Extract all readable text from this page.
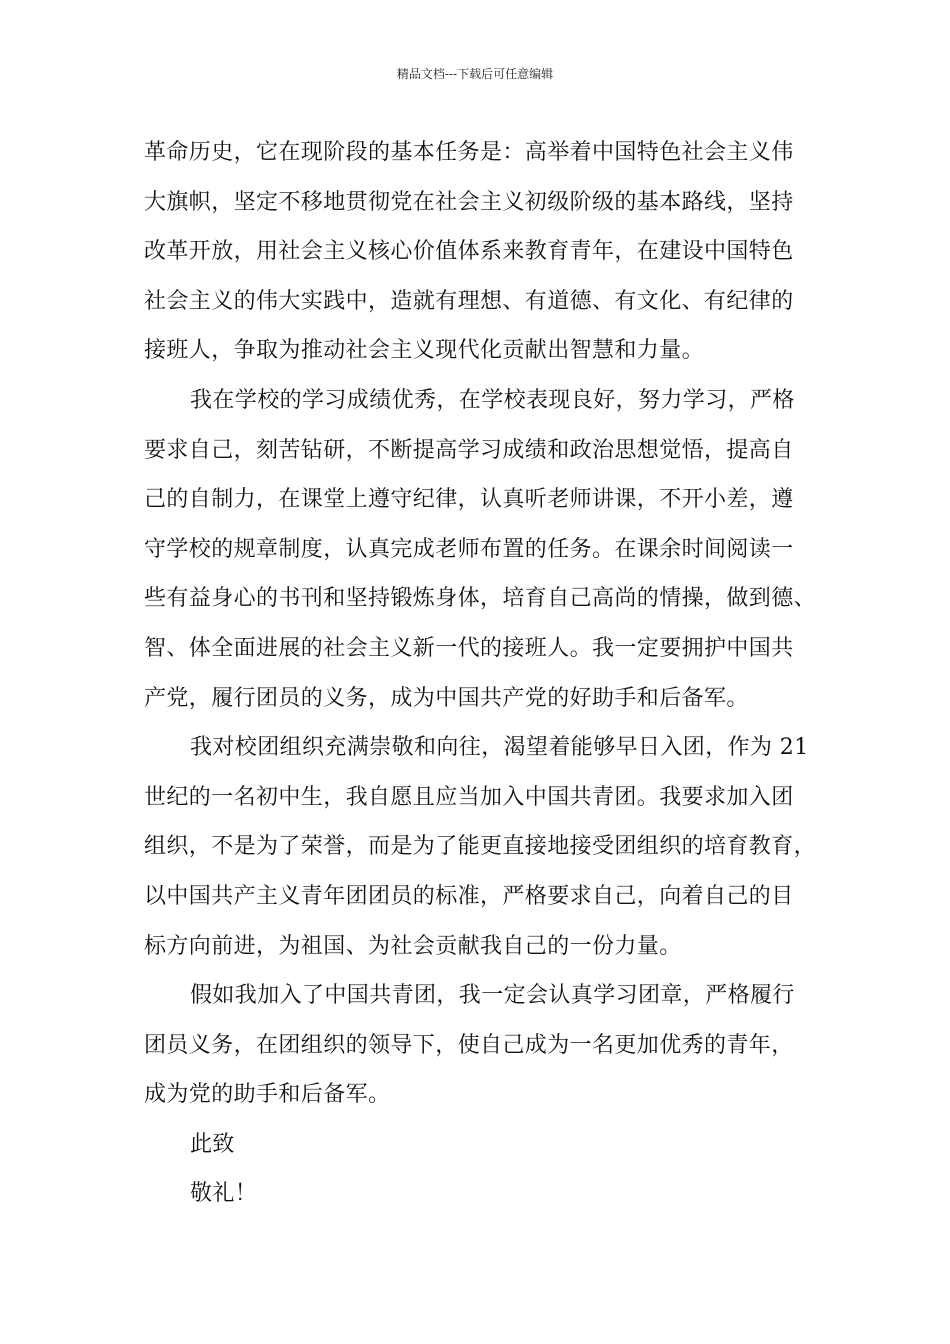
精品文档---下载后可任意编辑
革命历史，它在现阶段的基本任务是：高举着中国特色社会主义伟
大旗帜，坚定不移地贯彻党在社会主义初级阶级的基本路线，坚持
改革开放，用社会主义核心价值体系来教育青年，在建设中国特色
社会主义的伟大实践中，造就有理想、有道德、有文化、有纪律的
接班人，争取为推动社会主义现代化贡献出智慧和力量。
我在学校的学习成绩优秀，在学校表现良好，努力学习，严格
要求自己，刻苦钻研，不断提高学习成绩和政治思想觉悟，提高自
己的自制力，在课堂上遵守纪律，认真听老师讲课，不开小差，遵
守学校的规章制度，认真完成老师布置的任务。在课余时间阅读一
些有益身心的书刊和坚持锻炼身体，培育自己高尚的情操，做到德、
智、体全面进展的社会主义新一代的接班人。我一定要拥护中国共
产党，履行团员的义务，成为中国共产党的好助手和后备军。
我对校团组织充满崇敬和向往，渴望着能够早日入团，作为 21
世纪的一名初中生，我自愿且应当加入中国共青团。我要求加入团
组织，不是为了荣誉，而是为了能更直接地接受团组织的培育教育，
以中国共产主义青年团团员的标准，严格要求自己，向着自己的目
标方向前进，为祖国、为社会贡献我自己的一份力量。
假如我加入了中国共青团，我一定会认真学习团章，严格履行
团员义务，在团组织的领导下，使自己成为一名更加优秀的青年，
成为党的助手和后备军。
此致
敬礼！
